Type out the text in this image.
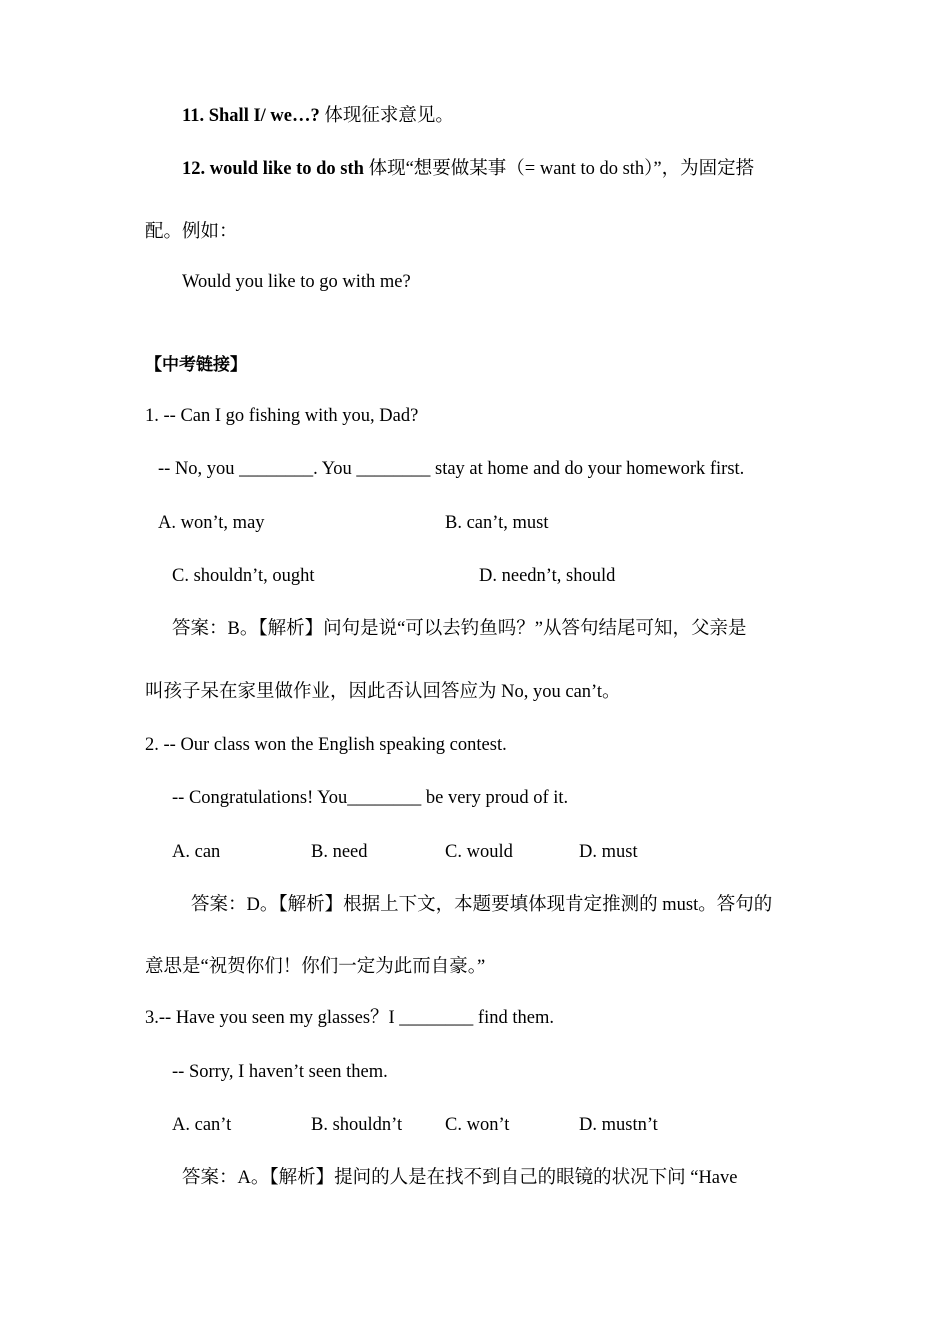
11. Shall I/ we…? 体现征求意见。
12. would like to do sth 体现“想要做某事（= want to do sth）”，为固定搭
配。例如：
Would you like to go with me?
【中考链接】
1. -- Can I go fishing with you, Dad?
-- No, you ________. You ________ stay at home and do your homework first.
A. won’t, may	B. can’t, must
C. shouldn’t, ought	D. needn’t, should
答案：B。【解析】问句是说“可以去钓鱼吗？”从答句结尾可知，父亲是
叫孩子呆在家里做作业，因此否认回答应为 No, you can’t。
2. -- Our class won the English speaking contest.
-- Congratulations! You________ be very proud of it.
A. can	B. need	C. would	D. must
答案：D。【解析】根据上下文，本题要填体现肯定推测的 must。答句的
意思是“祝贺你们！你们一定为此而自豪。”
3.-- Have you seen my glasses？I ________ find them.
-- Sorry, I haven’t seen them.
A. can’t	B. shouldn’t C. won’t	D. mustn’t
答案：A。【解析】提问的人是在找不到自己的眼镜的状况下问 “Have
